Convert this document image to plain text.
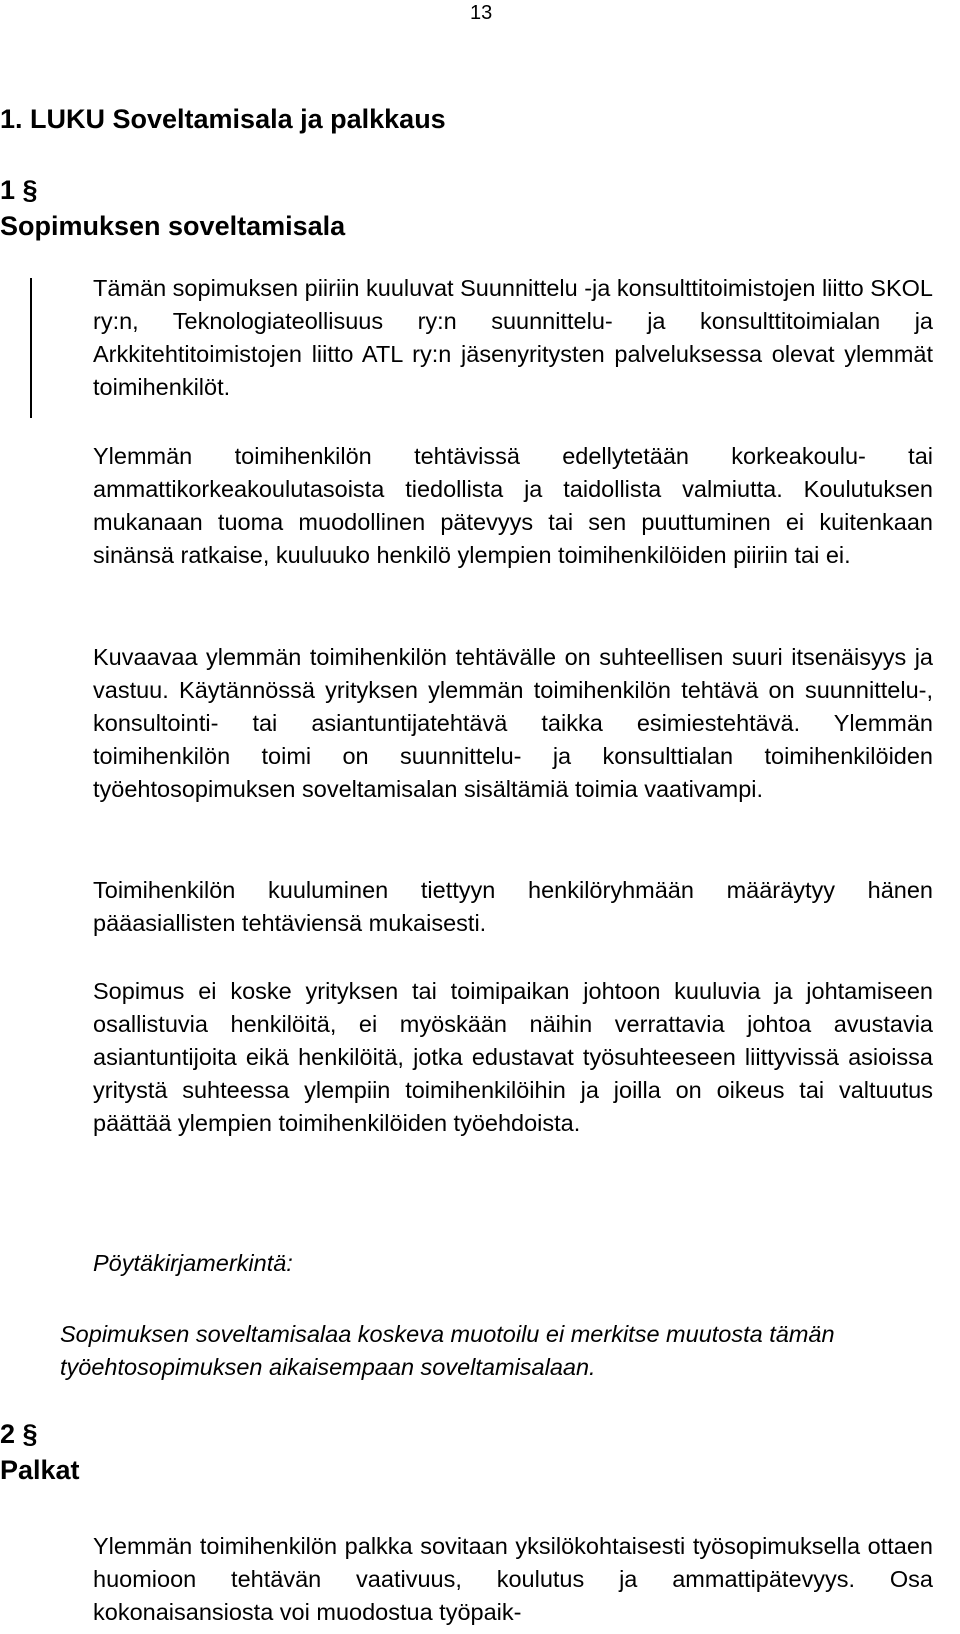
13
1. LUKU Soveltamisala ja palkkaus
1 §
Sopimuksen soveltamisala

Tämän sopimuksen piiriin kuuluvat Suunnittelu -ja konsulttitoimistojen liitto SKOL ry:n, Teknologiateollisuus ry:n suunnittelu- ja konsulttitoimialan ja Arkkitehtitoimistojen liitto ATL ry:n jäsenyritysten palveluksessa olevat ylemmät toimihenkilöt.

Ylemmän toimihenkilön tehtävissä edellytetään korkeakoulu- tai ammattikorkeakoulutasoista tiedollista ja taidollista valmiutta. Koulutuksen mukanaan tuoma muodollinen pätevyys tai sen puuttuminen ei kuitenkaan sinänsä ratkaise, kuuluuko henkilö ylempien toimihenkilöiden piiriin tai ei.

Kuvaavaa ylemmän toimihenkilön tehtävälle on suhteellisen suuri itsenäisyys ja vastuu. Käytännössä yrityksen ylemmän toimihenkilön tehtävä on suunnittelu-, konsultointi- tai asiantuntijatehtävä taikka esimiestehtävä. Ylemmän toimihenkilön toimi on suunnittelu- ja konsulttialan toimihenkilöiden työehtosopimuksen soveltamisalan sisältämiä toimia vaativampi.

Toimihenkilön kuuluminen tiettyyn henkilöryhmään määräytyy hänen pääasiallisten tehtäviensä mukaisesti.

Sopimus ei koske yrityksen tai toimipaikan johtoon kuuluvia ja johtamiseen osallistuvia henkilöitä, ei myöskään näihin verrattavia johtoa avustavia asiantuntijoita eikä henkilöitä, jotka edustavat työsuhteeseen liittyvissä asioissa yritystä suhteessa ylempiin toimihenkilöihin ja joilla on oikeus tai valtuutus päättää ylempien toimihenkilöiden työehdoista.

Pöytäkirjamerkintä:

Sopimuksen soveltamisalaa koskeva muotoilu ei merkitse muutosta tämän työehtosopimuksen aikaisempaan soveltamisalaan.

2 §
Palkat

Ylemmän toimihenkilön palkka sovitaan yksilökohtaisesti työsopimuksella ottaen huomioon tehtävän vaativuus, koulutus ja ammattipätevyys. Osa kokonaisansiosta voi muodostua työpaik-
